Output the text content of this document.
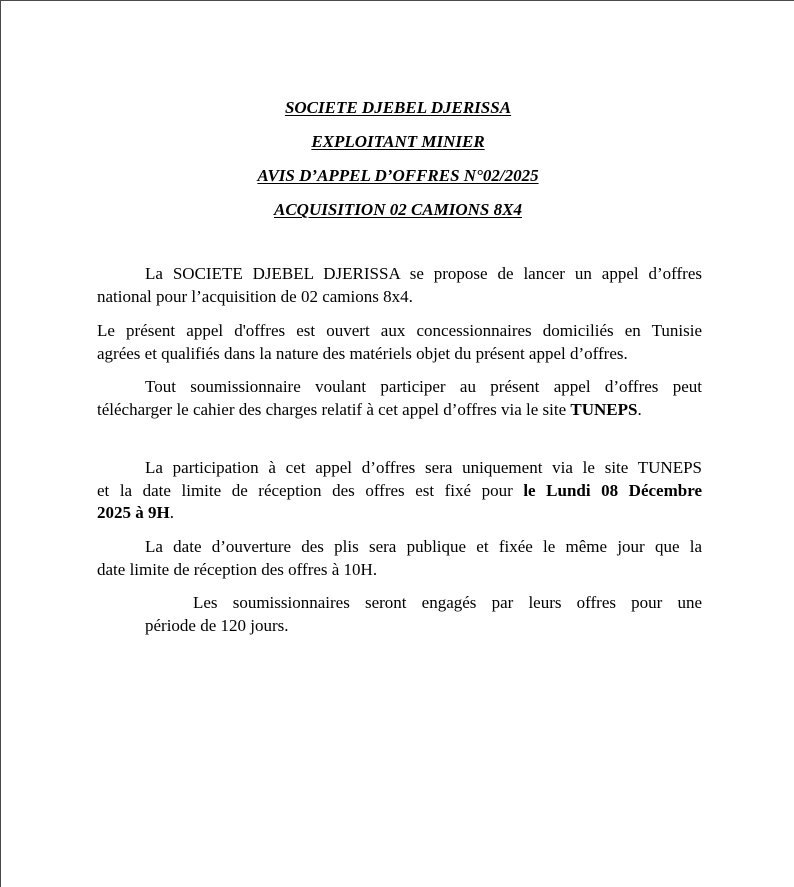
SOCIETE DJEBEL DJERISSA
EXPLOITANT MINIER
AVIS D’APPEL D’OFFRES N°02/2025
ACQUISITION 02 CAMIONS 8X4
La SOCIETE DJEBEL DJERISSA se propose de lancer un appel d’offres
national pour l’acquisition de 02 camions 8x4.
Le présent appel d'offres est ouvert aux concessionnaires domiciliés en Tunisie
agrées et qualifiés dans la nature des matériels objet du présent appel d’offres.
Tout soumissionnaire voulant participer au présent appel d’offres peut
télécharger le cahier des charges relatif à cet appel d’offres via le site TUNEPS.
La participation à cet appel d’offres sera uniquement via le site TUNEPS
et la date limite de réception des offres est fixé pour le Lundi 08 Décembre
2025 à 9H.
La date d’ouverture des plis sera publique et fixée le même jour que la
date limite de réception des offres à 10H.
Les soumissionnaires seront engagés par leurs offres pour une
période de 120 jours.
